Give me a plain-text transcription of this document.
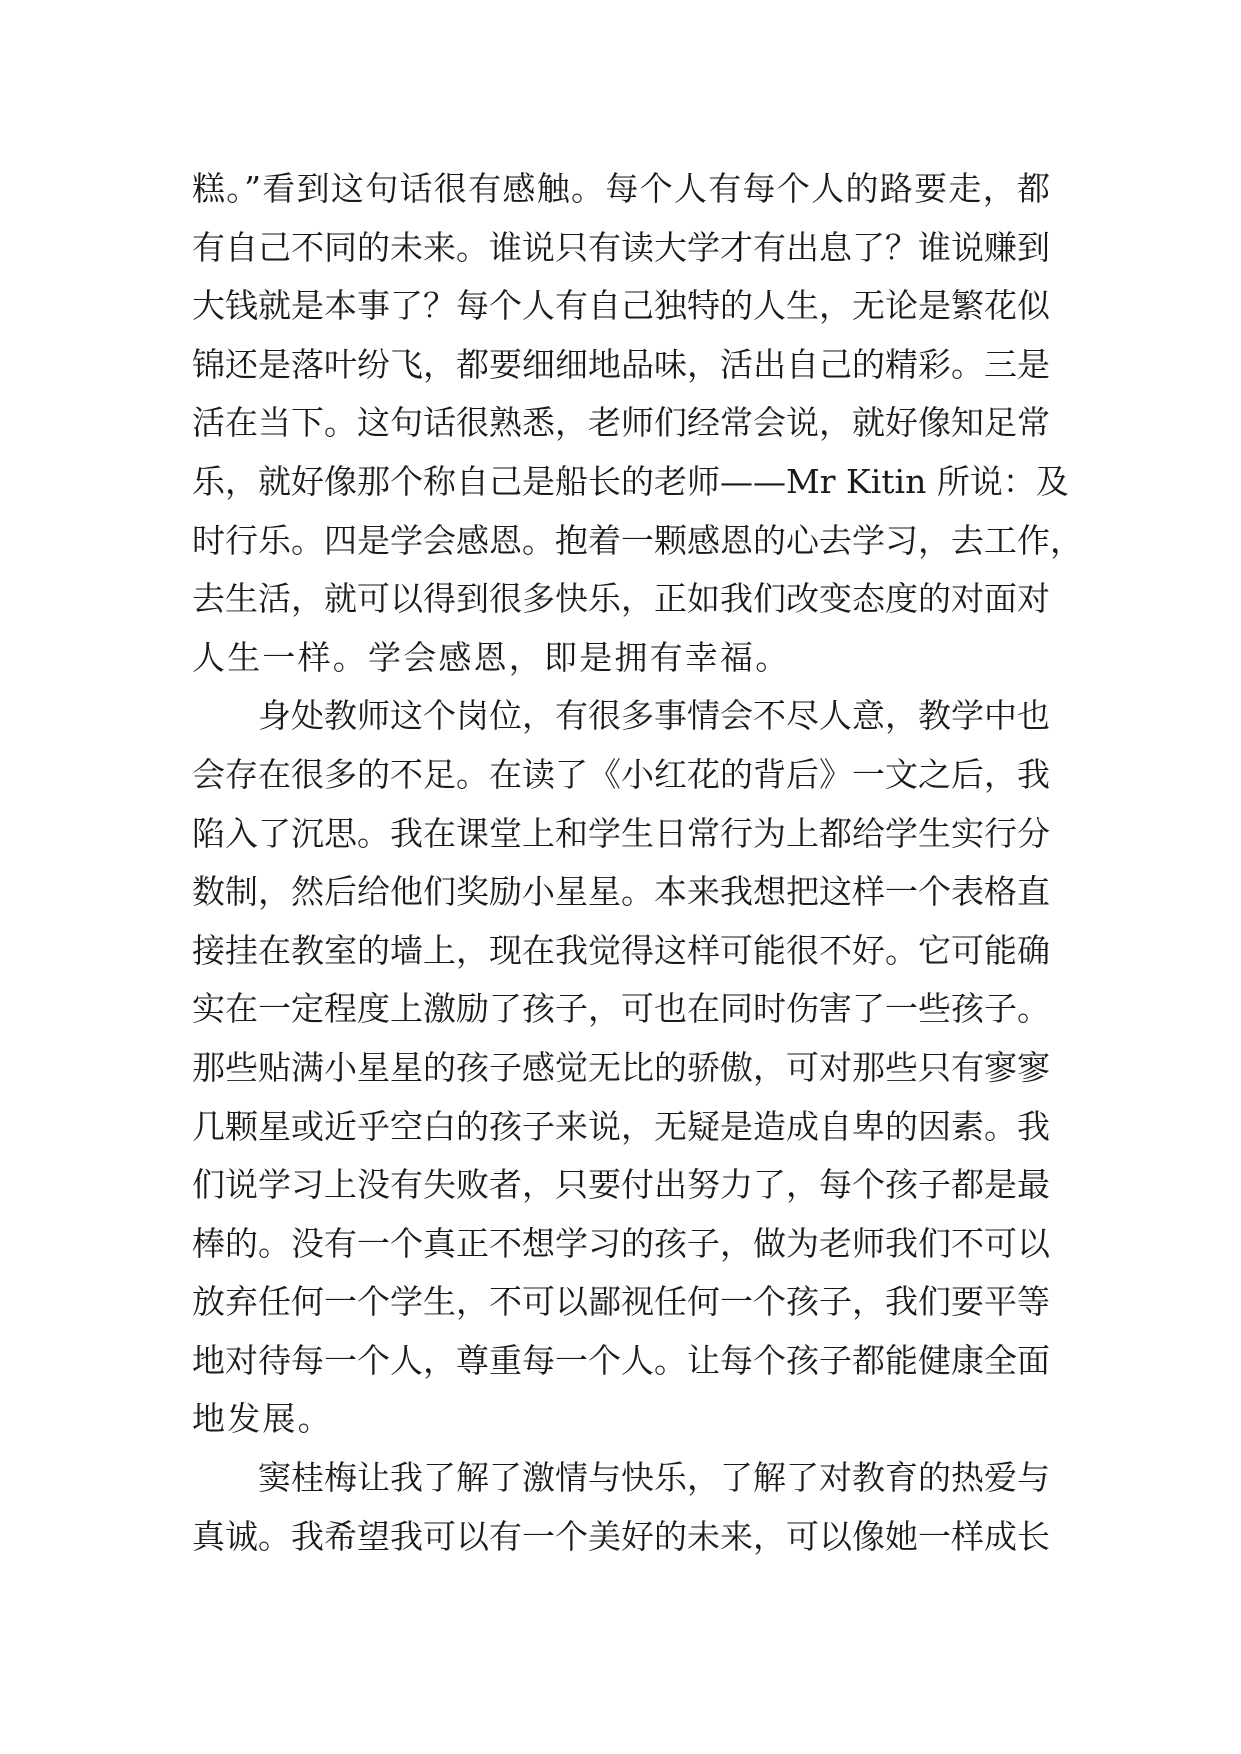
糕。”看到这句话很有感触。每个人有每个人的路要走，都
有自己不同的未来。谁说只有读大学才有出息了？谁说赚到
大钱就是本事了？每个人有自己独特的人生，无论是繁花似
锦还是落叶纷飞，都要细细地品味，活出自己的精彩。三是
活在当下。这句话很熟悉，老师们经常会说，就好像知足常
乐，就好像那个称自己是船长的老师——Mr Kitin 所说：及
时行乐。四是学会感恩。抱着一颗感恩的心去学习，去工作，
去生活，就可以得到很多快乐，正如我们改变态度的对面对
人生一样。学会感恩，即是拥有幸福。
身处教师这个岗位，有很多事情会不尽人意，教学中也
会存在很多的不足。在读了《小红花的背后》一文之后，我
陷入了沉思。我在课堂上和学生日常行为上都给学生实行分
数制，然后给他们奖励小星星。本来我想把这样一个表格直
接挂在教室的墙上，现在我觉得这样可能很不好。它可能确
实在一定程度上激励了孩子，可也在同时伤害了一些孩子。
那些贴满小星星的孩子感觉无比的骄傲，可对那些只有寥寥
几颗星或近乎空白的孩子来说，无疑是造成自卑的因素。我
们说学习上没有失败者，只要付出努力了，每个孩子都是最
棒的。没有一个真正不想学习的孩子，做为老师我们不可以
放弃任何一个学生，不可以鄙视任何一个孩子，我们要平等
地对待每一个人，尊重每一个人。让每个孩子都能健康全面
地发展。
窦桂梅让我了解了激情与快乐，了解了对教育的热爱与
真诚。我希望我可以有一个美好的未来，可以像她一样成长
